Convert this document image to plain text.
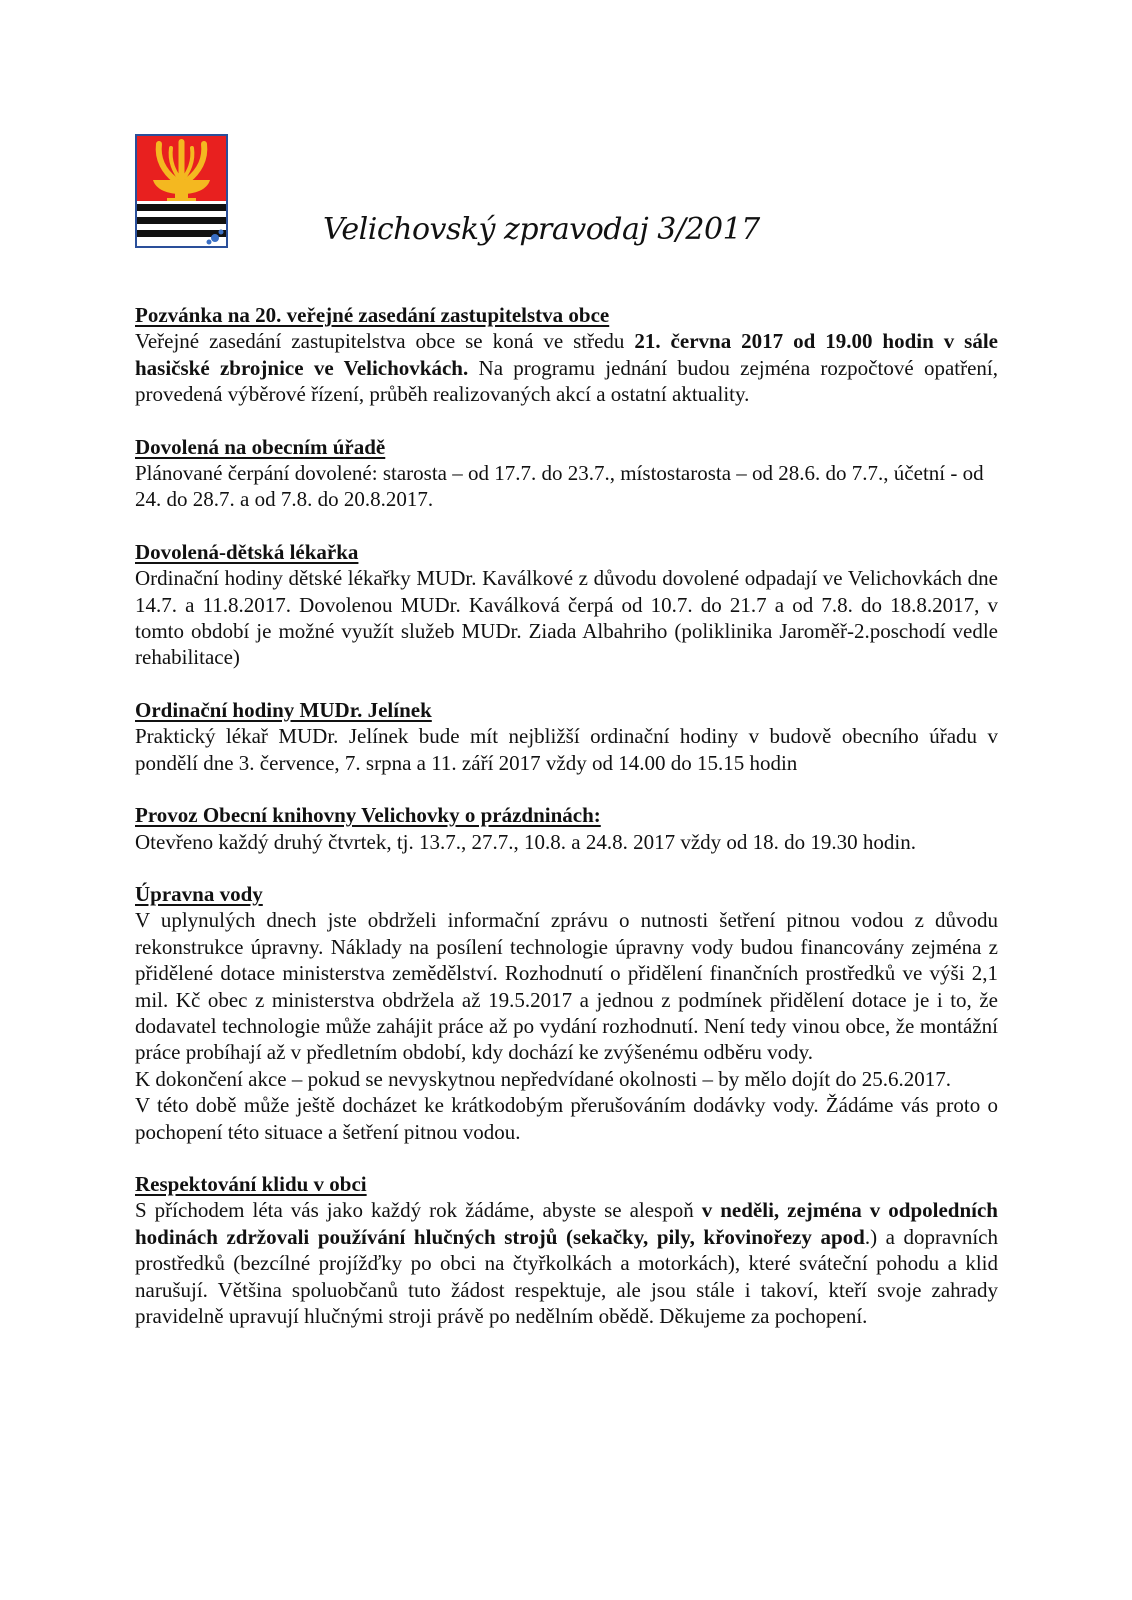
Velichovský zpravodaj 3/2017
Pozvánka na 20. veřejné zasedání zastupitelstva obce

Veřejné zasedání zastupitelstva obce se koná ve středu 21. června 2017 od 19.00 hodin v sále hasičské zbrojnice ve Velichovkách. Na programu jednání budou zejména rozpočtové opatření, provedená výběrové řízení, průběh realizovaných akcí a ostatní aktuality.

Dovolená na obecním úřadě

Plánované čerpání dovolené: starosta – od 17.7. do 23.7., místostarosta – od 28.6. do 7.7., účetní - od 24. do 28.7. a od 7.8. do 20.8.2017.

Dovolená-dětská lékařka

Ordinační hodiny dětské lékařky MUDr. Kaválkové z důvodu dovolené odpadají ve Velichovkách dne 14.7. a 11.8.2017. Dovolenou MUDr. Kaválková čerpá od 10.7. do 21.7 a od 7.8. do 18.8.2017, v tomto období je možné využít služeb MUDr. Ziada Albahriho (poliklinika Jaroměř-2.poschodí vedle rehabilitace)

Ordinační hodiny MUDr. Jelínek

Praktický lékař MUDr. Jelínek bude mít nejbližší ordinační hodiny v budově obecního úřadu v pondělí dne 3. července, 7. srpna a 11. září 2017 vždy od 14.00 do 15.15 hodin

Provoz Obecní knihovny Velichovky o prázdninách:

Otevřeno každý druhý čtvrtek, tj. 13.7., 27.7., 10.8. a 24.8. 2017 vždy od 18. do 19.30 hodin.

Úpravna vody

V uplynulých dnech jste obdrželi informační zprávu o nutnosti šetření pitnou vodou z důvodu rekonstrukce úpravny. Náklady na posílení technologie úpravny vody budou financovány zejména z přidělené dotace ministerstva zemědělství. Rozhodnutí o přidělení finančních prostředků ve výši 2,1 mil. Kč obec z ministerstva obdržela až 19.5.2017 a jednou z podmínek přidělení dotace je i to, že dodavatel technologie může zahájit práce až po vydání rozhodnutí. Není tedy vinou obce, že montážní práce probíhají až v předletním období, kdy dochází ke zvýšenému odběru vody.

K dokončení akce – pokud se nevyskytnou nepředvídané okolnosti – by mělo dojít do 25.6.2017.

V této době může ještě docházet ke krátkodobým přerušováním dodávky vody. Žádáme vás proto o pochopení této situace a šetření pitnou vodou.

Respektování klidu v obci

S příchodem léta vás jako každý rok žádáme, abyste se alespoň v neděli, zejména v odpoledních hodinách zdržovali používání hlučných strojů (sekačky, pily, křovinořezy apod.) a dopravních prostředků (bezcílné projížďky po obci na čtyřkolkách a motorkách), které sváteční pohodu a klid narušují. Většina spoluobčanů tuto žádost respektuje, ale jsou stále i takoví, kteří svoje zahrady pravidelně upravují hlučnými stroji právě po nedělním obědě. Děkujeme za pochopení.
